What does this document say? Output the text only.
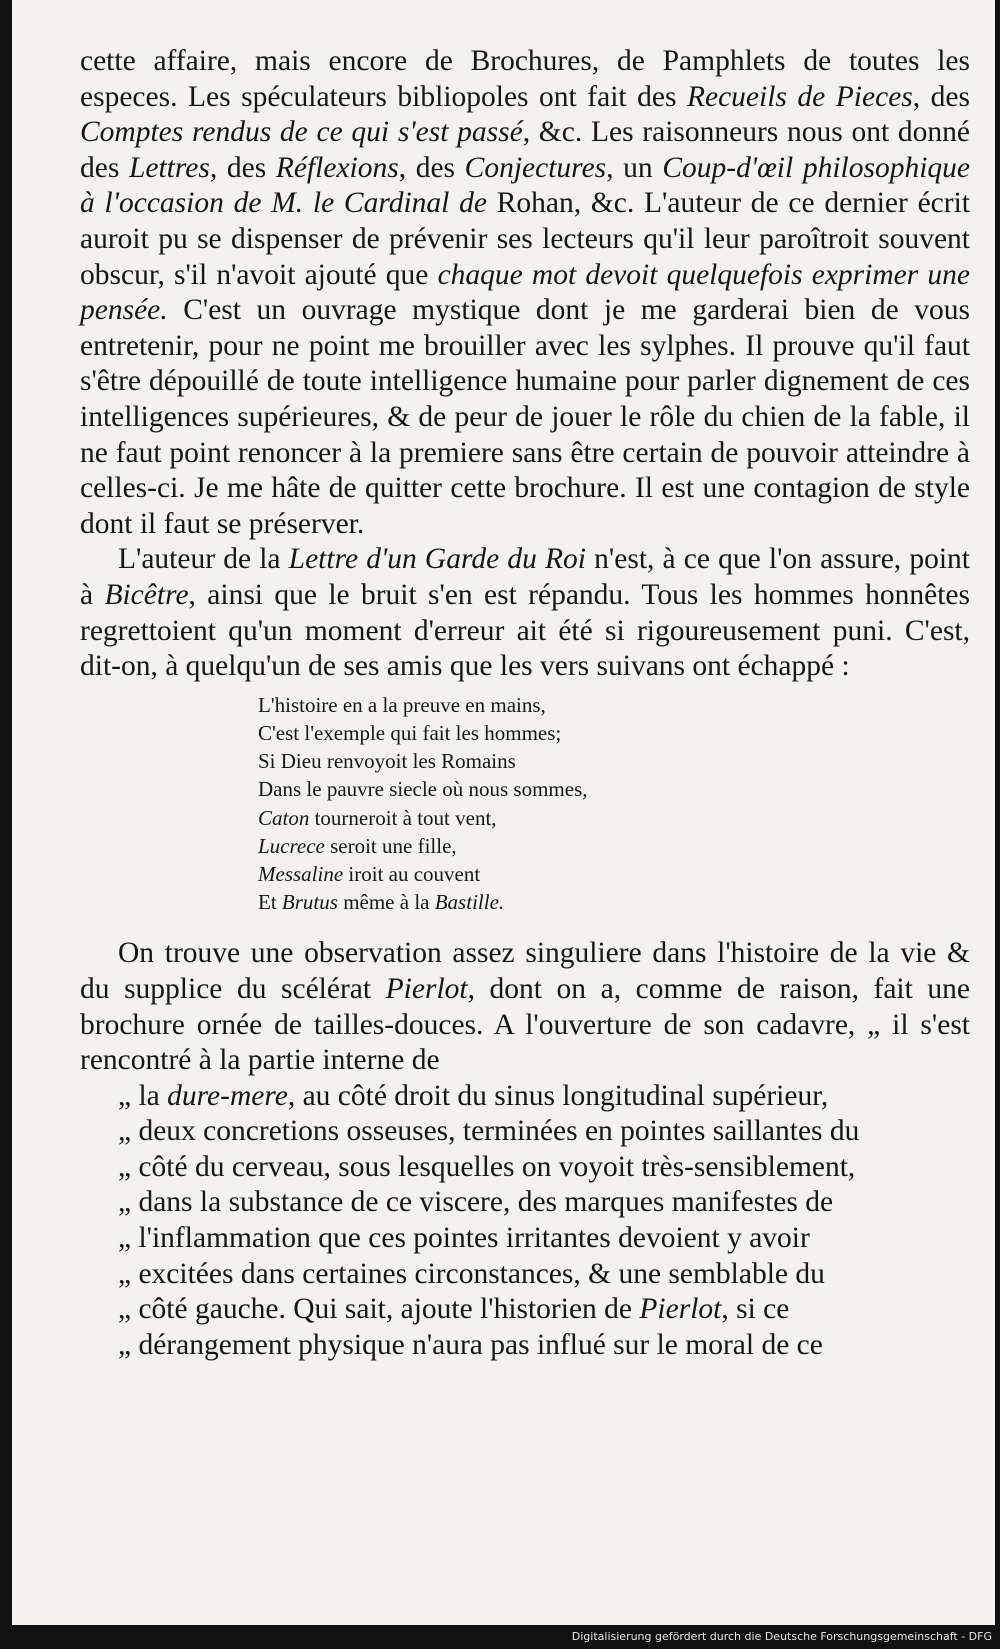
cette affaire, mais encore de Brochures, de Pamphlets de toutes les especes. Les spéculateurs bibliopoles ont fait des Recueils de Pieces, des Comptes rendus de ce qui s'est passé, &c. Les raisonneurs nous ont donné des Lettres, des Réflexions, des Conjectures, un Coup-d'œil philosophique à l'occasion de M. le Cardinal de Rohan, &c. L'auteur de ce dernier écrit auroit pu se dispenser de prévenir ses lecteurs qu'il leur paroîtroit souvent obscur, s'il n'avoit ajouté que chaque mot devoit quelquefois exprimer une pensée. C'est un ouvrage mystique dont je me garderai bien de vous entretenir, pour ne point me brouiller avec les sylphes. Il prouve qu'il faut s'être dépouillé de toute intelligence humaine pour parler dignement de ces intelligences supérieures, & de peur de jouer le rôle du chien de la fable, il ne faut point renoncer à la premiere sans être certain de pouvoir atteindre à celles-ci. Je me hâte de quitter cette brochure. Il est une contagion de style dont il faut se préserver.

L'auteur de la Lettre d'un Garde du Roi n'est, à ce que l'on assure, point à Bicêtre, ainsi que le bruit s'en est répandu. Tous les hommes honnêtes regrettoient qu'un moment d'erreur ait été si rigoureusement puni. C'est, dit-on, à quelqu'un de ses amis que les vers suivans ont échappé :

L'histoire en a la preuve en mains,
C'est l'exemple qui fait les hommes;
Si Dieu renvoyoit les Romains
Dans le pauvre siecle où nous sommes,
Caton tourneroit à tout vent,
Lucrece seroit une fille,
Messaline iroit au couvent
Et Brutus même à la Bastille.

On trouve une observation assez singuliere dans l'histoire de la vie & du supplice du scélérat Pierlot, dont on a, comme de raison, fait une brochure ornée de tailles-douces. A l'ouverture de son cadavre, „ il s'est rencontré à la partie interne de
„ la dure-mere, au côté droit du sinus longitudinal supérieur,
„ deux concretions osseuses, terminées en pointes saillantes du
„ côté du cerveau, sous lesquelles on voyoit très-sensiblement,
„ dans la substance de ce viscere, des marques manifestes de
„ l'inflammation que ces pointes irritantes devoient y avoir
„ excitées dans certaines circonstances, & une semblable du
„ côté gauche. Qui sait, ajoute l'historien de Pierlot, si ce
„ dérangement physique n'aura pas influé sur le moral de ce

Digitalisierung gefördert durch die Deutsche Forschungsgemeinschaft - DFG
